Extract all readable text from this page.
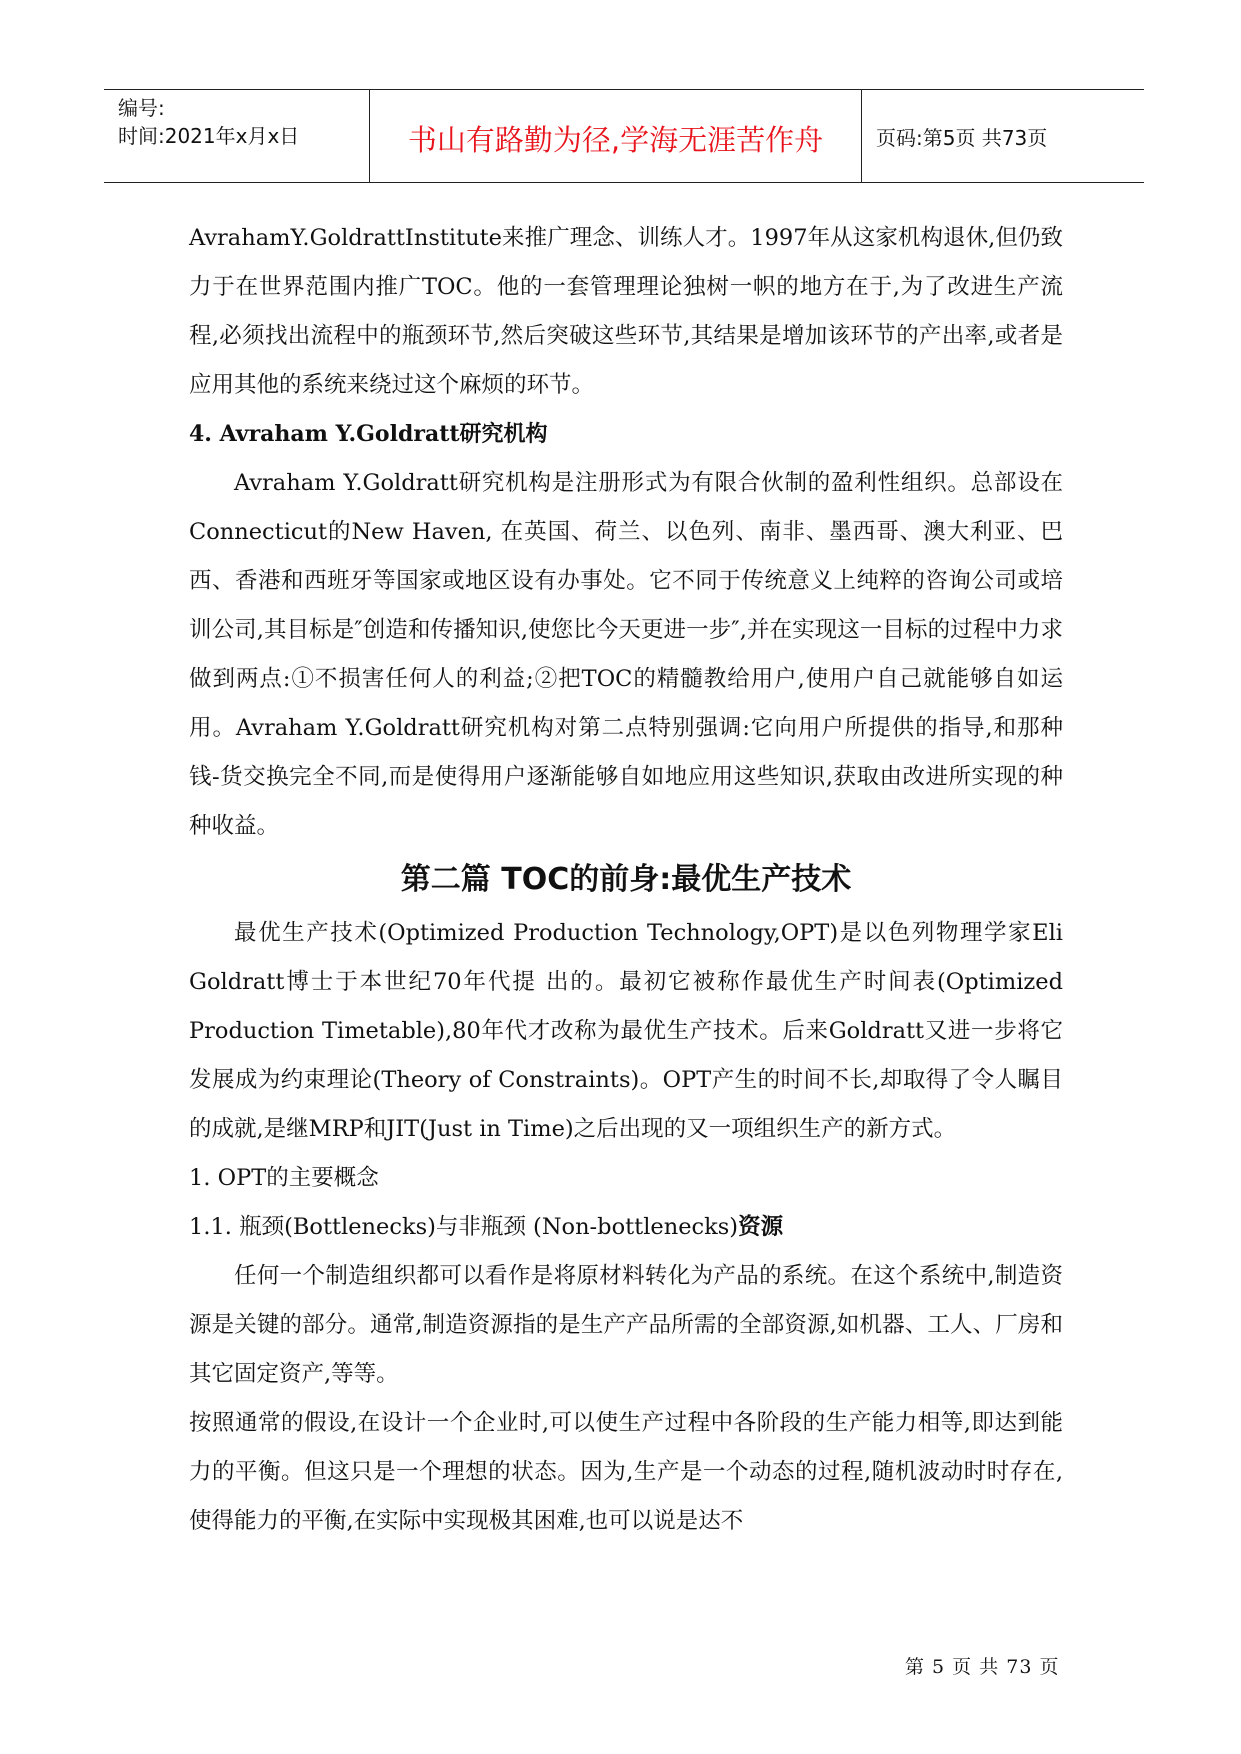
编号:
时间:2021年x月x日	书山有路勤为径,学海无涯苦作舟	页码:第5页 共73页

AvrahamY.GoldrattInstitute来推广理念、训练人才。1997年从这家机构退休,但仍致力于在世界范围内推广TOC。他的一套管理理论独树一帜的地方在于,为了改进生产流程,必须找出流程中的瓶颈环节,然后突破这些环节,其结果是增加该环节的产出率,或者是应用其他的系统来绕过这个麻烦的环节。

4. Avraham Y.Goldratt研究机构

Avraham Y.Goldratt研究机构是注册形式为有限合伙制的盈利性组织。总部设在Connecticut的New Haven, 在英国、荷兰、以色列、南非、墨西哥、澳大利亚、巴西、香港和西班牙等国家或地区设有办事处。它不同于传统意义上纯粹的咨询公司或培训公司,其目标是″创造和传播知识,使您比今天更进一步″,并在实现这一目标的过程中力求做到两点:①不损害任何人的利益;②把TOC的精髓教给用户,使用户自己就能够自如运用。Avraham Y.Goldratt研究机构对第二点特别强调:它向用户所提供的指导,和那种钱-货交换完全不同,而是使得用户逐渐能够自如地应用这些知识,获取由改进所实现的种种收益。

第二篇 TOC的前身:最优生产技术

最优生产技术(Optimized Production Technology,OPT)是以色列物理学家Eli Goldratt博士于本世纪70年代提 出的。最初它被称作最优生产时间表(Optimized Production Timetable),80年代才改称为最优生产技术。后来Goldratt又进一步将它发展成为约束理论(Theory of Constraints)。OPT产生的时间不长,却取得了令人瞩目 的成就,是继MRP和JIT(Just in Time)之后出现的又一项组织生产的新方式。

1. OPT的主要概念

1.1. 瓶颈(Bottlenecks)与非瓶颈 (Non-bottlenecks)资源

任何一个制造组织都可以看作是将原材料转化为产品的系统。在这个系统中,制造资源是关键的部分。通常,制造资源指的是生产产品所需的全部资源,如机器、工人、厂房和其它固定资产,等等。

按照通常的假设,在设计一个企业时,可以使生产过程中各阶段的生产能力相等,即达到能力的平衡。但这只是一个理想的状态。因为,生产是一个动态的过程,随机波动时时存在,使得能力的平衡,在实际中实现极其困难,也可以说是达不

第 5 页 共 73 页
